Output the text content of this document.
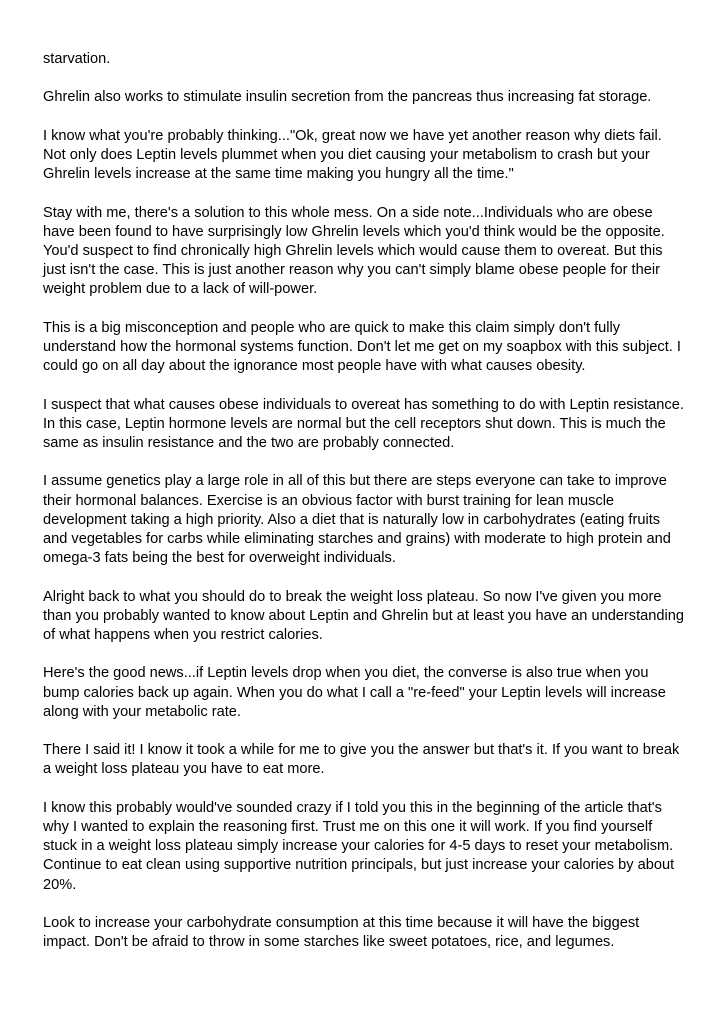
starvation.

Ghrelin also works to stimulate insulin secretion from the pancreas thus increasing fat storage.

I know what you're probably thinking..."Ok, great now we have yet another reason why diets fail. Not only does Leptin levels plummet when you diet causing your metabolism to crash but your Ghrelin levels increase at the same time making you hungry all the time."

Stay with me, there's a solution to this whole mess. On a side note...Individuals who are obese have been found to have surprisingly low Ghrelin levels which you'd think would be the opposite. You'd suspect to find chronically high Ghrelin levels which would cause them to overeat. But this just isn't the case. This is just another reason why you can't simply blame obese people for their weight problem due to a lack of will-power.

This is a big misconception and people who are quick to make this claim simply don't fully understand how the hormonal systems function. Don't let me get on my soapbox with this subject. I could go on all day about the ignorance most people have with what causes obesity.

I suspect that what causes obese individuals to overeat has something to do with Leptin resistance. In this case, Leptin hormone levels are normal but the cell receptors shut down. This is much the same as insulin resistance and the two are probably connected.

I assume genetics play a large role in all of this but there are steps everyone can take to improve their hormonal balances. Exercise is an obvious factor with burst training for lean muscle development taking a high priority. Also a diet that is naturally low in carbohydrates (eating fruits and vegetables for carbs while eliminating starches and grains) with moderate to high protein and omega-3 fats being the best for overweight individuals.

Alright back to what you should do to break the weight loss plateau. So now I've given you more than you probably wanted to know about Leptin and Ghrelin but at least you have an understanding of what happens when you restrict calories.

Here's the good news...if Leptin levels drop when you diet, the converse is also true when you bump calories back up again. When you do what I call a "re-feed" your Leptin levels will increase along with your metabolic rate.

There I said it! I know it took a while for me to give you the answer but that's it. If you want to break a weight loss plateau you have to eat more.

I know this probably would've sounded crazy if I told you this in the beginning of the article that's why I wanted to explain the reasoning first. Trust me on this one it will work. If you find yourself stuck in a weight loss plateau simply increase your calories for 4-5 days to reset your metabolism. Continue to eat clean using supportive nutrition principals, but just increase your calories by about 20%.

Look to increase your carbohydrate consumption at this time because it will have the biggest impact. Don't be afraid to throw in some starches like sweet potatoes, rice, and legumes.
